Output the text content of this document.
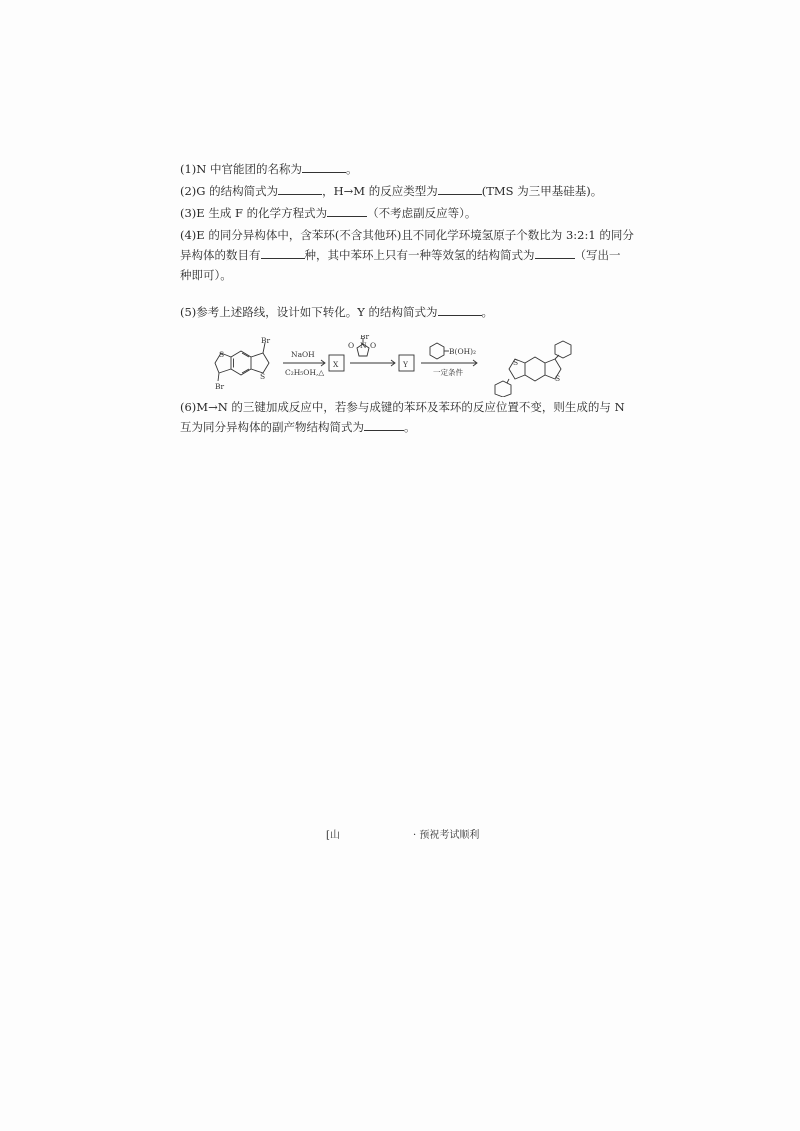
(1)N 中官能团的名称为	。
(2)G 的结构简式为	，H→M 的反应类型为	(TMS 为三甲基硅基)。
(3)E 生成 F 的化学方程式为	（不考虑副反应等）。
(4)E 的同分异构体中，含苯环(不含其他环)且不同化学环境氢原子个数比为 3:2:1 的同分
异构体的数目有	种，其中苯环上只有一种等效氢的结构简式为	（写出一
种即可）。
(5)参考上述路线，设计如下转化。Y 的结构简式为	。
Br
Br
S
S
NaOH
C₂H₅OH,△
X
Br
N
O O
Y
B(OH)₂
一定条件
S
S
(6)M→N 的三键加成反应中，若参与成键的苯环及苯环的反应位置不变，则生成的与 N
互为同分异构体的副产物结构简式为	。
[山	· 预祝考试顺利
